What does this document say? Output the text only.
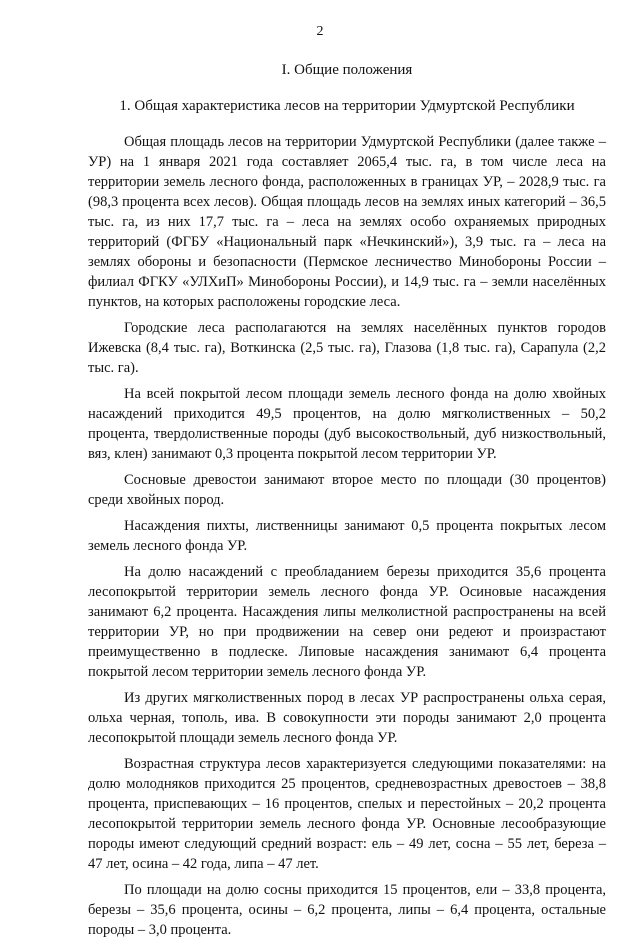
2
I. Общие положения
1. Общая характеристика лесов на территории Удмуртской Республики

Общая площадь лесов на территории Удмуртской Республики (далее также – УР) на 1 января 2021 года составляет 2065,4 тыс. га, в том числе леса на территории земель лесного фонда, расположенных в границах УР, – 2028,9 тыс. га (98,3 процента всех лесов). Общая площадь лесов на землях иных категорий – 36,5 тыс. га, из них 17,7 тыс. га – леса на землях особо охраняемых природных территорий (ФГБУ «Национальный парк «Нечкинский»), 3,9 тыс. га – леса на землях обороны и безопасности (Пермское лесничество Минобороны России – филиал ФГКУ «УЛХиП» Минобороны России), и 14,9 тыс. га – земли населённых пунктов, на которых расположены городские леса.

Городские леса располагаются на землях населённых пунктов городов Ижевска (8,4 тыс. га), Воткинска (2,5 тыс. га), Глазова (1,8 тыс. га), Сарапула (2,2 тыс. га).

На всей покрытой лесом площади земель лесного фонда на долю хвойных насаждений приходится 49,5 процентов, на долю мягколиственных – 50,2 процента, твердолиственные породы (дуб высокоствольный, дуб низкоствольный, вяз, клен) занимают 0,3 процента покрытой лесом территории УР.

Сосновые древостои занимают второе место по площади (30 процентов) среди хвойных пород.

Насаждения пихты, лиственницы занимают 0,5 процента покрытых лесом земель лесного фонда УР.

На долю насаждений с преобладанием березы приходится 35,6 процента лесопокрытой территории земель лесного фонда УР. Осиновые насаждения занимают 6,2 процента. Насаждения липы мелколистной распространены на всей территории УР, но при продвижении на север они редеют и произрастают преимущественно в подлеске. Липовые насаждения занимают 6,4 процента покрытой лесом территории земель лесного фонда УР.

Из других мягколиственных пород в лесах УР распространены ольха серая, ольха черная, тополь, ива. В совокупности эти породы занимают 2,0 процента лесопокрытой площади земель лесного фонда УР.

Возрастная структура лесов характеризуется следующими показателями: на долю молодняков приходится 25 процентов, средневозрастных древостоев – 38,8 процента, приспевающих – 16 процентов, спелых и перестойных – 20,2 процента лесопокрытой территории земель лесного фонда УР. Основные лесообразующие породы имеют следующий средний возраст: ель – 49 лет, сосна – 55 лет, береза – 47 лет, осина – 42 года, липа – 47 лет.

По площади на долю сосны приходится 15 процентов, ели – 33,8 процента, березы – 35,6 процента, осины – 6,2 процента, липы – 6,4 процента, остальные породы – 3,0 процента.
